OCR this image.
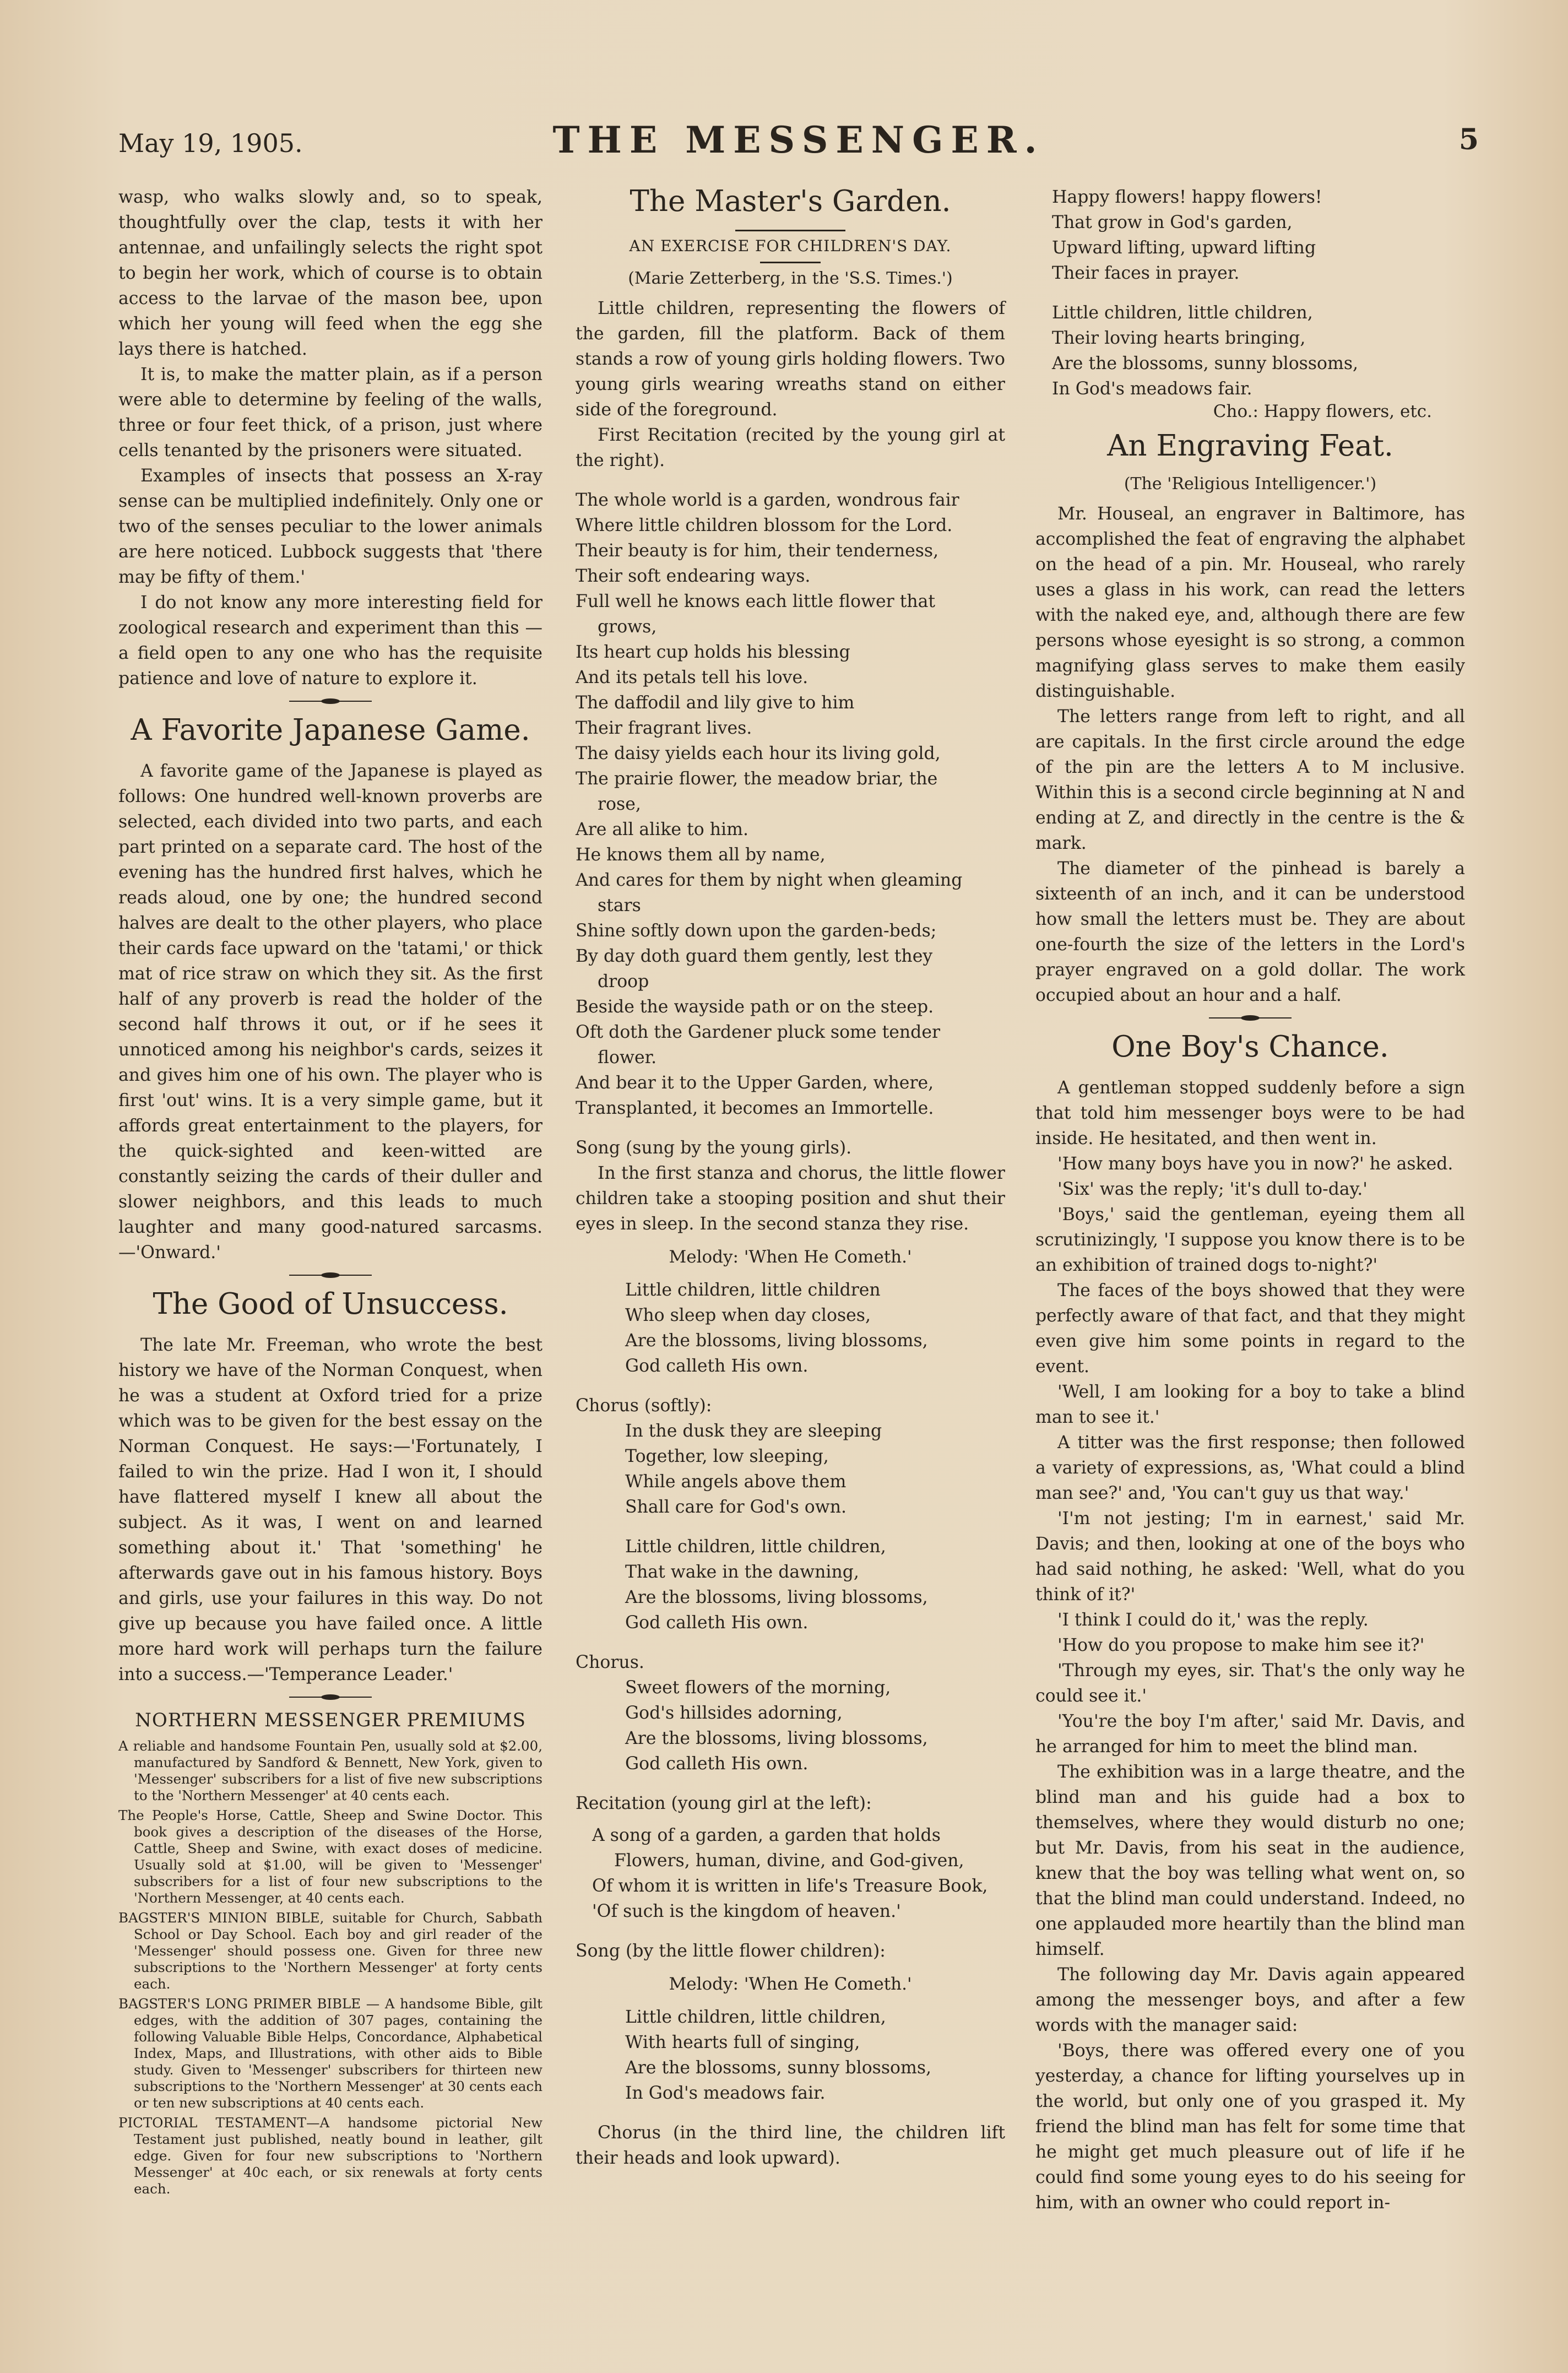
May 19, 1905.	THE MESSENGER.	5

wasp, who walks slowly and, so to speak, thoughtfully over the clap, tests it with her antennae, and unfailingly selects the right spot to begin her work, which of course is to obtain access to the larvae of the mason bee, upon which her young will feed when the egg she lays there is hatched.

It is, to make the matter plain, as if a person were able to determine by feeling of the walls, three or four feet thick, of a prison, just where cells tenanted by the prisoners were situated.

Examples of insects that possess an X-ray sense can be multiplied indefinitely. Only one or two of the senses peculiar to the lower animals are here noticed. Lubbock suggests that 'there may be fifty of them.'

I do not know any more interesting field for zoological research and experiment than this —a field open to any one who has the requisite patience and love of nature to explore it.

A Favorite Japanese Game.

A favorite game of the Japanese is played as follows: One hundred well-known proverbs are selected, each divided into two parts, and each part printed on a separate card. The host of the evening has the hundred first halves, which he reads aloud, one by one; the hundred second halves are dealt to the other players, who place their cards face upward on the 'tatami,' or thick mat of rice straw on which they sit. As the first half of any proverb is read the holder of the second half throws it out, or if he sees it unnoticed among his neighbor's cards, seizes it and gives him one of his own. The player who is first 'out' wins. It is a very simple game, but it affords great entertainment to the players, for the quick-sighted and keen-witted are constantly seizing the cards of their duller and slower neighbors, and this leads to much laughter and many good-natured sarcasms.—'Onward.'

The Good of Unsuccess.

The late Mr. Freeman, who wrote the best history we have of the Norman Conquest, when he was a student at Oxford tried for a prize which was to be given for the best essay on the Norman Conquest. He says:—'Fortunately, I failed to win the prize. Had I won it, I should have flattered myself I knew all about the subject. As it was, I went on and learned something about it.' That 'something' he afterwards gave out in his famous history. Boys and girls, use your failures in this way. Do not give up because you have failed once. A little more hard work will perhaps turn the failure into a success.—'Temperance Leader.'

NORTHERN MESSENGER PREMIUMS

A reliable and handsome Fountain Pen, usually sold at $2.00, manufactured by Sandford & Bennett, New York, given to 'Messenger' subscribers for a list of five new subscriptions to the 'Northern Messenger' at 40 cents each.

The People's Horse, Cattle, Sheep and Swine Doctor. This book gives a description of the diseases of the Horse, Cattle, Sheep and Swine, with exact doses of medicine. Usually sold at $1.00, will be given to 'Messenger' subscribers for a list of four new subscriptions to the 'Northern Messenger, at 40 cents each.

BAGSTER'S MINION BIBLE, suitable for Church, Sabbath School or Day School. Each boy and girl reader of the 'Messenger' should possess one. Given for three new subscriptions to the 'Northern Messenger' at forty cents each.

BAGSTER'S LONG PRIMER BIBLE — A handsome Bible, gilt edges, with the addition of 307 pages, containing the following Valuable Bible Helps, Concordance, Alphabetical Index, Maps, and Illustrations, with other aids to Bible study. Given to 'Messenger' subscribers for thirteen new subscriptions to the 'Northern Messenger' at 30 cents each or ten new subscriptions at 40 cents each.

PICTORIAL TESTAMENT—A handsome pictorial New Testament just published, neatly bound in leather, gilt edge. Given for four new subscriptions to 'Northern Messenger' at 40c each, or six renewals at forty cents each.

The Master's Garden.
AN EXERCISE FOR CHILDREN'S DAY.
(Marie Zetterberg, in the 'S.S. Times.')

Little children, representing the flowers of the garden, fill the platform. Back of them stands a row of young girls holding flowers. Two young girls wearing wreaths stand on either side of the foreground.

First Recitation (recited by the young girl at the right).

The whole world is a garden, wondrous fair
Where little children blossom for the Lord.
Their beauty is for him, their tenderness,
Their soft endearing ways.
Full well he knows each little flower that
grows,
Its heart cup holds his blessing
And its petals tell his love.
The daffodil and lily give to him
Their fragrant lives.
The daisy yields each hour its living gold,
The prairie flower, the meadow briar, the
rose,
Are all alike to him.
He knows them all by name,
And cares for them by night when gleaming
stars
Shine softly down upon the garden-beds;
By day doth guard them gently, lest they
droop
Beside the wayside path or on the steep.
Oft doth the Gardener pluck some tender
flower.
And bear it to the Upper Garden, where,
Transplanted, it becomes an Immortelle.

Song (sung by the young girls).

In the first stanza and chorus, the little flower children take a stooping position and shut their eyes in sleep. In the second stanza they rise.

Melody: 'When He Cometh.'
Little children, little children
Who sleep when day closes,
Are the blossoms, living blossoms,
God calleth His own.

Chorus (softly):

In the dusk they are sleeping
Together, low sleeping,
While angels above them
Shall care for God's own.
Little children, little children,
That wake in the dawning,
Are the blossoms, living blossoms,
God calleth His own.

Chorus.

Sweet flowers of the morning,
God's hillsides adorning,
Are the blossoms, living blossoms,
God calleth His own.

Recitation (young girl at the left):

A song of a garden, a garden that holds
Flowers, human, divine, and God-given,
Of whom it is written in life's Treasure Book,
'Of such is the kingdom of heaven.'

Song (by the little flower children):

Melody: 'When He Cometh.'
Little children, little children,
With hearts full of singing,
Are the blossoms, sunny blossoms,
In God's meadows fair.

Chorus (in the third line, the children lift their heads and look upward).

Happy flowers! happy flowers!
That grow in God's garden,
Upward lifting, upward lifting
Their faces in prayer.
Little children, little children,
Their loving hearts bringing,
Are the blossoms, sunny blossoms,
In God's meadows fair.
Cho.: Happy flowers, etc.
An Engraving Feat.
(The 'Religious Intelligencer.')

Mr. Houseal, an engraver in Baltimore, has accomplished the feat of engraving the alphabet on the head of a pin. Mr. Houseal, who rarely uses a glass in his work, can read the letters with the naked eye, and, although there are few persons whose eyesight is so strong, a common magnifying glass serves to make them easily distinguishable.

The letters range from left to right, and all are capitals. In the first circle around the edge of the pin are the letters A to M inclusive. Within this is a second circle beginning at N and ending at Z, and directly in the centre is the & mark.

The diameter of the pinhead is barely a sixteenth of an inch, and it can be understood how small the letters must be. They are about one-fourth the size of the letters in the Lord's prayer engraved on a gold dollar. The work occupied about an hour and a half.

One Boy's Chance.

A gentleman stopped suddenly before a sign that told him messenger boys were to be had inside. He hesitated, and then went in.

'How many boys have you in now?' he asked.

'Six' was the reply; 'it's dull to-day.'

'Boys,' said the gentleman, eyeing them all scrutinizingly, 'I suppose you know there is to be an exhibition of trained dogs to-night?'

The faces of the boys showed that they were perfectly aware of that fact, and that they might even give him some points in regard to the event.

'Well, I am looking for a boy to take a blind man to see it.'

A titter was the first response; then followed a variety of expressions, as, 'What could a blind man see?' and, 'You can't guy us that way.'

'I'm not jesting; I'm in earnest,' said Mr. Davis; and then, looking at one of the boys who had said nothing, he asked: 'Well, what do you think of it?'

'I think I could do it,' was the reply.

'How do you propose to make him see it?'

'Through my eyes, sir. That's the only way he could see it.'

'You're the boy I'm after,' said Mr. Davis, and he arranged for him to meet the blind man.

The exhibition was in a large theatre, and the blind man and his guide had a box to themselves, where they would disturb no one; but Mr. Davis, from his seat in the audience, knew that the boy was telling what went on, so that the blind man could understand. Indeed, no one applauded more heartily than the blind man himself.

The following day Mr. Davis again appeared among the messenger boys, and after a few words with the manager said:

'Boys, there was offered every one of you yesterday, a chance for lifting yourselves up in the world, but only one of you grasped it. My friend the blind man has felt for some time that he might get much pleasure out of life if he could find some young eyes to do his seeing for him, with an owner who could report in-
